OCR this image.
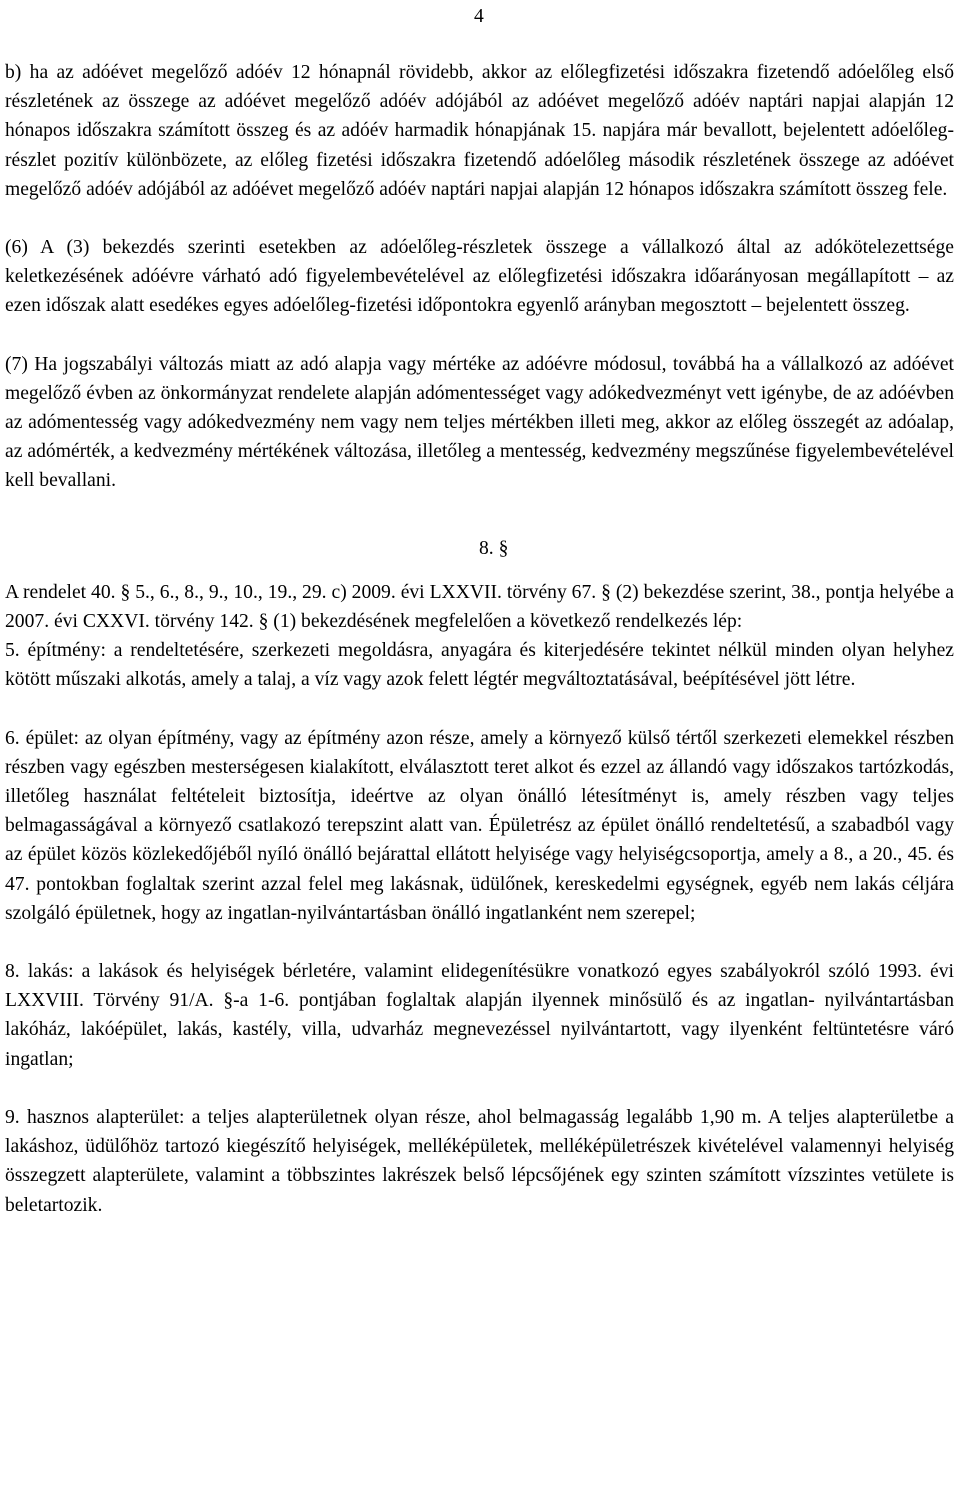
4

b) ha az adóévet megelőző adóév 12 hónapnál rövidebb, akkor az előlegfizetési időszakra fizetendő adóelőleg első részletének az összege az adóévet megelőző adóév adójából az adóévet megelőző adóév naptári napjai alapján 12 hónapos időszakra számított összeg és az adóév harmadik hónapjának 15. napjára már bevallott, bejelentett adóelőleg-részlet pozitív különbözete, az előleg fizetési időszakra fizetendő adóelőleg második részletének összege az adóévet megelőző adóév adójából az adóévet megelőző adóév naptári napjai alapján 12 hónapos időszakra számított összeg fele.

(6) A (3) bekezdés szerinti esetekben az adóelőleg-részletek összege a vállalkozó által az adókötelezettsége keletkezésének adóévre várható adó figyelembevételével az előlegfizetési időszakra időarányosan megállapított – az ezen időszak alatt esedékes egyes adóelőleg-fizetési időpontokra egyenlő arányban megosztott – bejelentett összeg.

(7) Ha jogszabályi változás miatt az adó alapja vagy mértéke az adóévre módosul, továbbá ha a vállalkozó az adóévet megelőző évben az önkormányzat rendelete alapján adómentességet vagy adókedvezményt vett igénybe, de az adóévben az adómentesség vagy adókedvezmény nem vagy nem teljes mértékben illeti meg, akkor az előleg összegét az adóalap, az adómérték, a kedvezmény mértékének változása, illetőleg a mentesség, kedvezmény megszűnése figyelembevételével kell bevallani.

8. §

A rendelet 40. § 5., 6., 8., 9., 10., 19., 29. c) 2009. évi LXXVII. törvény 67. § (2) bekezdése szerint, 38., pontja helyébe a 2007. évi CXXVI. törvény 142. § (1) bekezdésének megfelelően a következő rendelkezés lép:

5. építmény: a rendeltetésére, szerkezeti megoldásra, anyagára és kiterjedésére tekintet nélkül minden olyan helyhez kötött műszaki alkotás, amely a talaj, a víz vagy azok felett légtér megváltoztatásával, beépítésével jött létre.

6. épület: az olyan építmény, vagy az építmény azon része, amely a környező külső tértől szerkezeti elemekkel részben részben vagy egészben mesterségesen kialakított, elválasztott teret alkot és ezzel az állandó vagy időszakos tartózkodás, illetőleg használat feltételeit biztosítja, ideértve az olyan önálló létesítményt is, amely részben vagy teljes belmagasságával a környező csatlakozó terepszint alatt van. Épületrész az épület önálló rendeltetésű, a szabadból vagy az épület közös közlekedőjéből nyíló önálló bejárattal ellátott helyisége vagy helyiségcsoportja, amely a 8., a 20., 45. és 47. pontokban foglaltak szerint azzal felel meg lakásnak, üdülőnek, kereskedelmi egységnek, egyéb nem lakás céljára szolgáló épületnek, hogy az ingatlan-nyilvántartásban önálló ingatlanként nem szerepel;

8. lakás: a lakások és helyiségek bérletére, valamint elidegenítésükre vonatkozó egyes szabályokról szóló 1993. évi LXXVIII. Törvény 91/A. §-a 1-6. pontjában foglaltak alapján ilyennek minősülő és az ingatlan- nyilvántartásban lakóház, lakóépület, lakás, kastély, villa, udvarház megnevezéssel nyilvántartott, vagy ilyenként feltüntetésre váró ingatlan;

9. hasznos alapterület: a teljes alapterületnek olyan része, ahol belmagasság legalább 1,90 m. A teljes alapterületbe a lakáshoz, üdülőhöz tartozó kiegészítő helyiségek, melléképületek, melléképületrészek kivételével valamennyi helyiség összegzett alapterülete, valamint a többszintes lakrészek belső lépcsőjének egy szinten számított vízszintes vetülete is beletartozik.
